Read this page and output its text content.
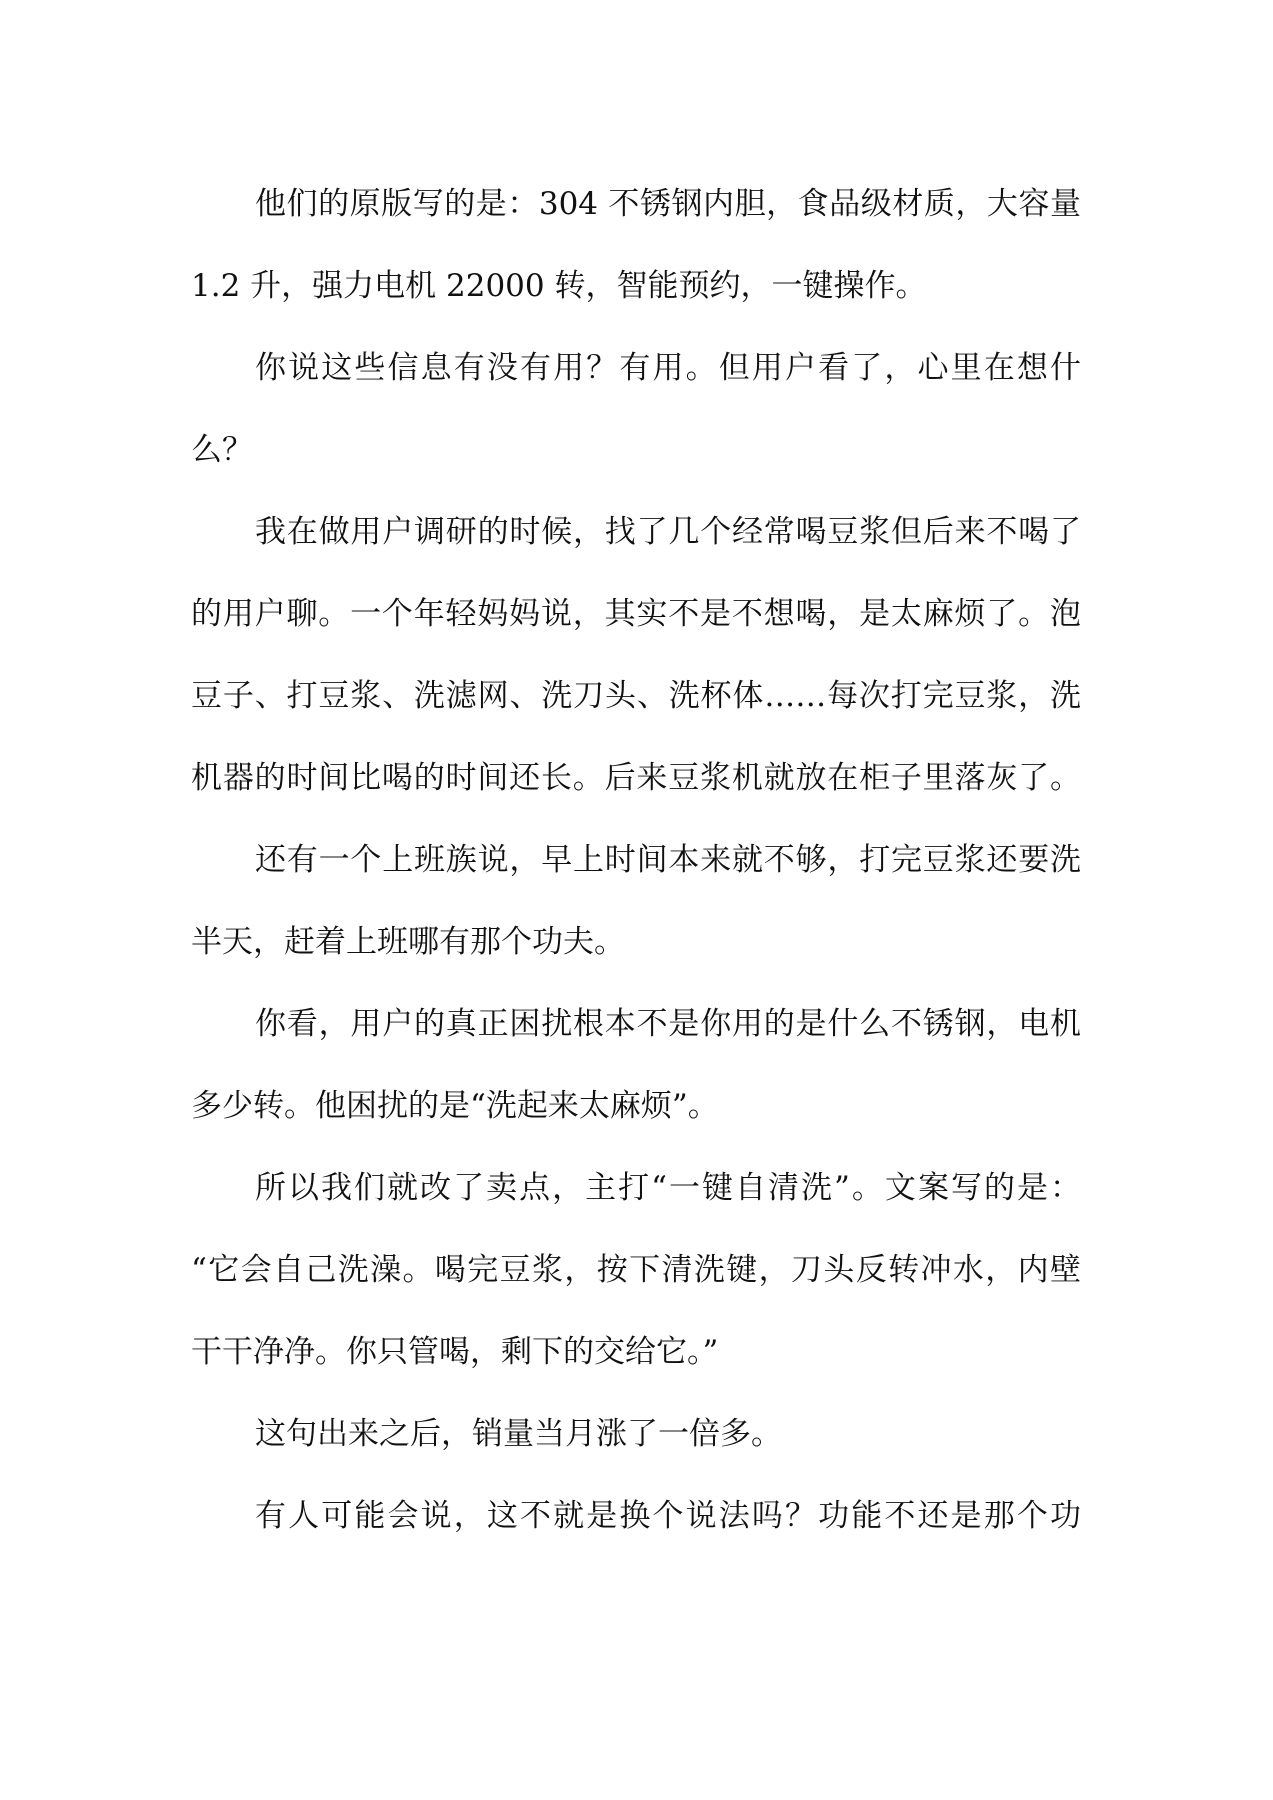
他们的原版写的是：304 不锈钢内胆，食品级材质，大容量
1.2 升，强力电机 22000 转，智能预约，一键操作。
你说这些信息有没有用？有用。但用户看了，心里在想什
么？
我在做用户调研的时候，找了几个经常喝豆浆但后来不喝了
的用户聊。一个年轻妈妈说，其实不是不想喝，是太麻烦了。泡
豆子、打豆浆、洗滤网、洗刀头、洗杯体……每次打完豆浆，洗
机器的时间比喝的时间还长。后来豆浆机就放在柜子里落灰了。
还有一个上班族说，早上时间本来就不够，打完豆浆还要洗
半天，赶着上班哪有那个功夫。
你看，用户的真正困扰根本不是你用的是什么不锈钢，电机
多少转。他困扰的是“洗起来太麻烦”。
所以我们就改了卖点，主打“一键自清洗”。文案写的是：
“它会自己洗澡。喝完豆浆，按下清洗键，刀头反转冲水，内壁
干干净净。你只管喝，剩下的交给它。”
这句出来之后，销量当月涨了一倍多。
有人可能会说，这不就是换个说法吗？功能不还是那个功
